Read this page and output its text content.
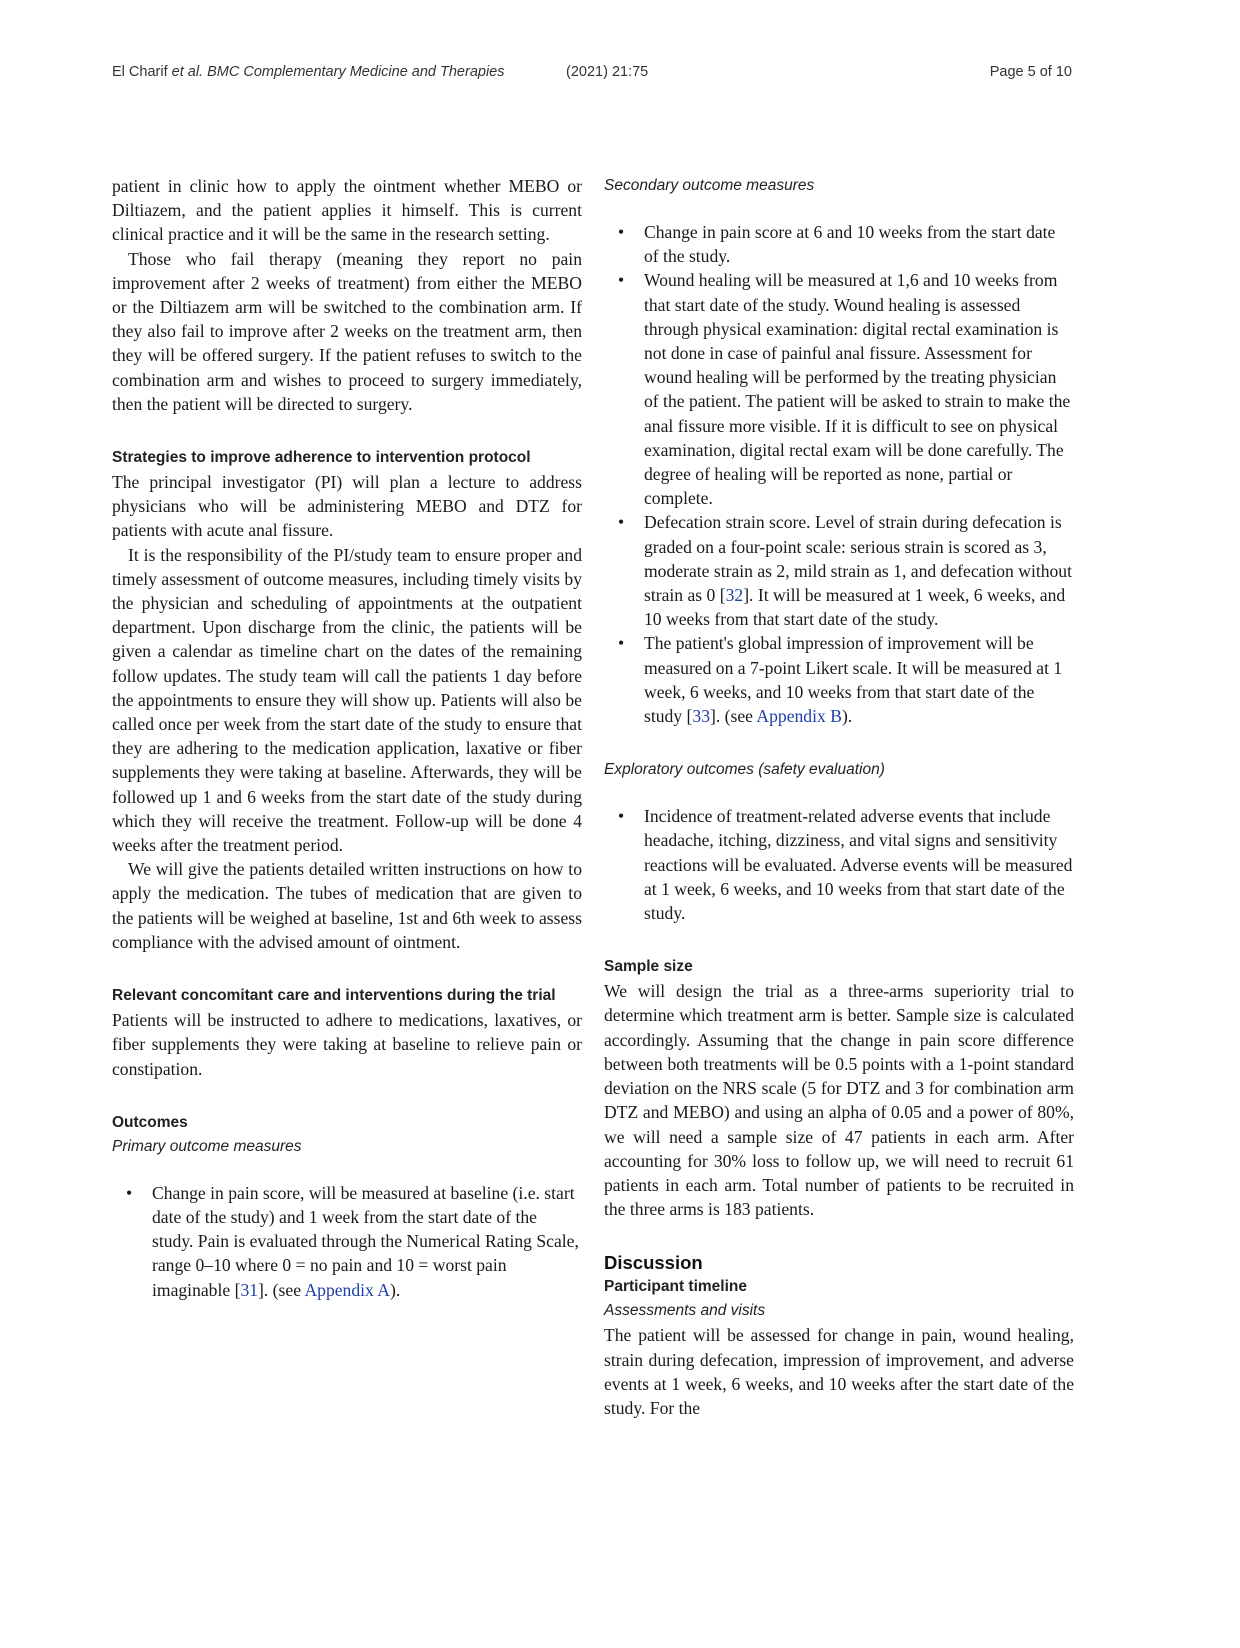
El Charif et al. BMC Complementary Medicine and Therapies	(2021) 21:75	Page 5 of 10

patient in clinic how to apply the ointment whether MEBO or Diltiazem, and the patient applies it himself. This is current clinical practice and it will be the same in the research setting.

Those who fail therapy (meaning they report no pain improvement after 2 weeks of treatment) from either the MEBO or the Diltiazem arm will be switched to the combination arm. If they also fail to improve after 2 weeks on the treatment arm, then they will be offered surgery. If the patient refuses to switch to the combination arm and wishes to proceed to surgery immediately, then the patient will be directed to surgery.

Strategies to improve adherence to intervention protocol

The principal investigator (PI) will plan a lecture to address physicians who will be administering MEBO and DTZ for patients with acute anal fissure.

It is the responsibility of the PI/study team to ensure proper and timely assessment of outcome measures, including timely visits by the physician and scheduling of appointments at the outpatient department. Upon discharge from the clinic, the patients will be given a calendar as timeline chart on the dates of the remaining follow updates. The study team will call the patients 1 day before the appointments to ensure they will show up. Patients will also be called once per week from the start date of the study to ensure that they are adhering to the medication application, laxative or fiber supplements they were taking at baseline. Afterwards, they will be followed up 1 and 6 weeks from the start date of the study during which they will receive the treatment. Follow-up will be done 4 weeks after the treatment period.

We will give the patients detailed written instructions on how to apply the medication. The tubes of medication that are given to the patients will be weighed at baseline, 1st and 6th week to assess compliance with the advised amount of ointment.

Relevant concomitant care and interventions during the trial

Patients will be instructed to adhere to medications, laxatives, or fiber supplements they were taking at baseline to relieve pain or constipation.

Outcomes
Primary outcome measures
• Change in pain score, will be measured at baseline (i.e. start date of the study) and 1 week from the start date of the study. Pain is evaluated through the Numerical Rating Scale, range 0–10 where 0 = no pain and 10 = worst pain imaginable [31]. (see Appendix A).
Secondary outcome measures
• Change in pain score at 6 and 10 weeks from the start date of the study.
• Wound healing will be measured at 1,6 and 10 weeks from that start date of the study. Wound healing is assessed through physical examination: digital rectal examination is not done in case of painful anal fissure. Assessment for wound healing will be performed by the treating physician of the patient. The patient will be asked to strain to make the anal fissure more visible. If it is difficult to see on physical examination, digital rectal exam will be done carefully. The degree of healing will be reported as none, partial or complete.
• Defecation strain score. Level of strain during defecation is graded on a four-point scale: serious strain is scored as 3, moderate strain as 2, mild strain as 1, and defecation without strain as 0 [32]. It will be measured at 1 week, 6 weeks, and 10 weeks from that start date of the study.
• The patient's global impression of improvement will be measured on a 7-point Likert scale. It will be measured at 1 week, 6 weeks, and 10 weeks from that start date of the study [33]. (see Appendix B).
Exploratory outcomes (safety evaluation)
• Incidence of treatment-related adverse events that include headache, itching, dizziness, and vital signs and sensitivity reactions will be evaluated. Adverse events will be measured at 1 week, 6 weeks, and 10 weeks from that start date of the study.
Sample size

We will design the trial as a three-arms superiority trial to determine which treatment arm is better. Sample size is calculated accordingly. Assuming that the change in pain score difference between both treatments will be 0.5 points with a 1-point standard deviation on the NRS scale (5 for DTZ and 3 for combination arm DTZ and MEBO) and using an alpha of 0.05 and a power of 80%, we will need a sample size of 47 patients in each arm. After accounting for 30% loss to follow up, we will need to recruit 61 patients in each arm. Total number of patients to be recruited in the three arms is 183 patients.

Discussion
Participant timeline
Assessments and visits

The patient will be assessed for change in pain, wound healing, strain during defecation, impression of improvement, and adverse events at 1 week, 6 weeks, and 10 weeks after the start date of the study. For the
